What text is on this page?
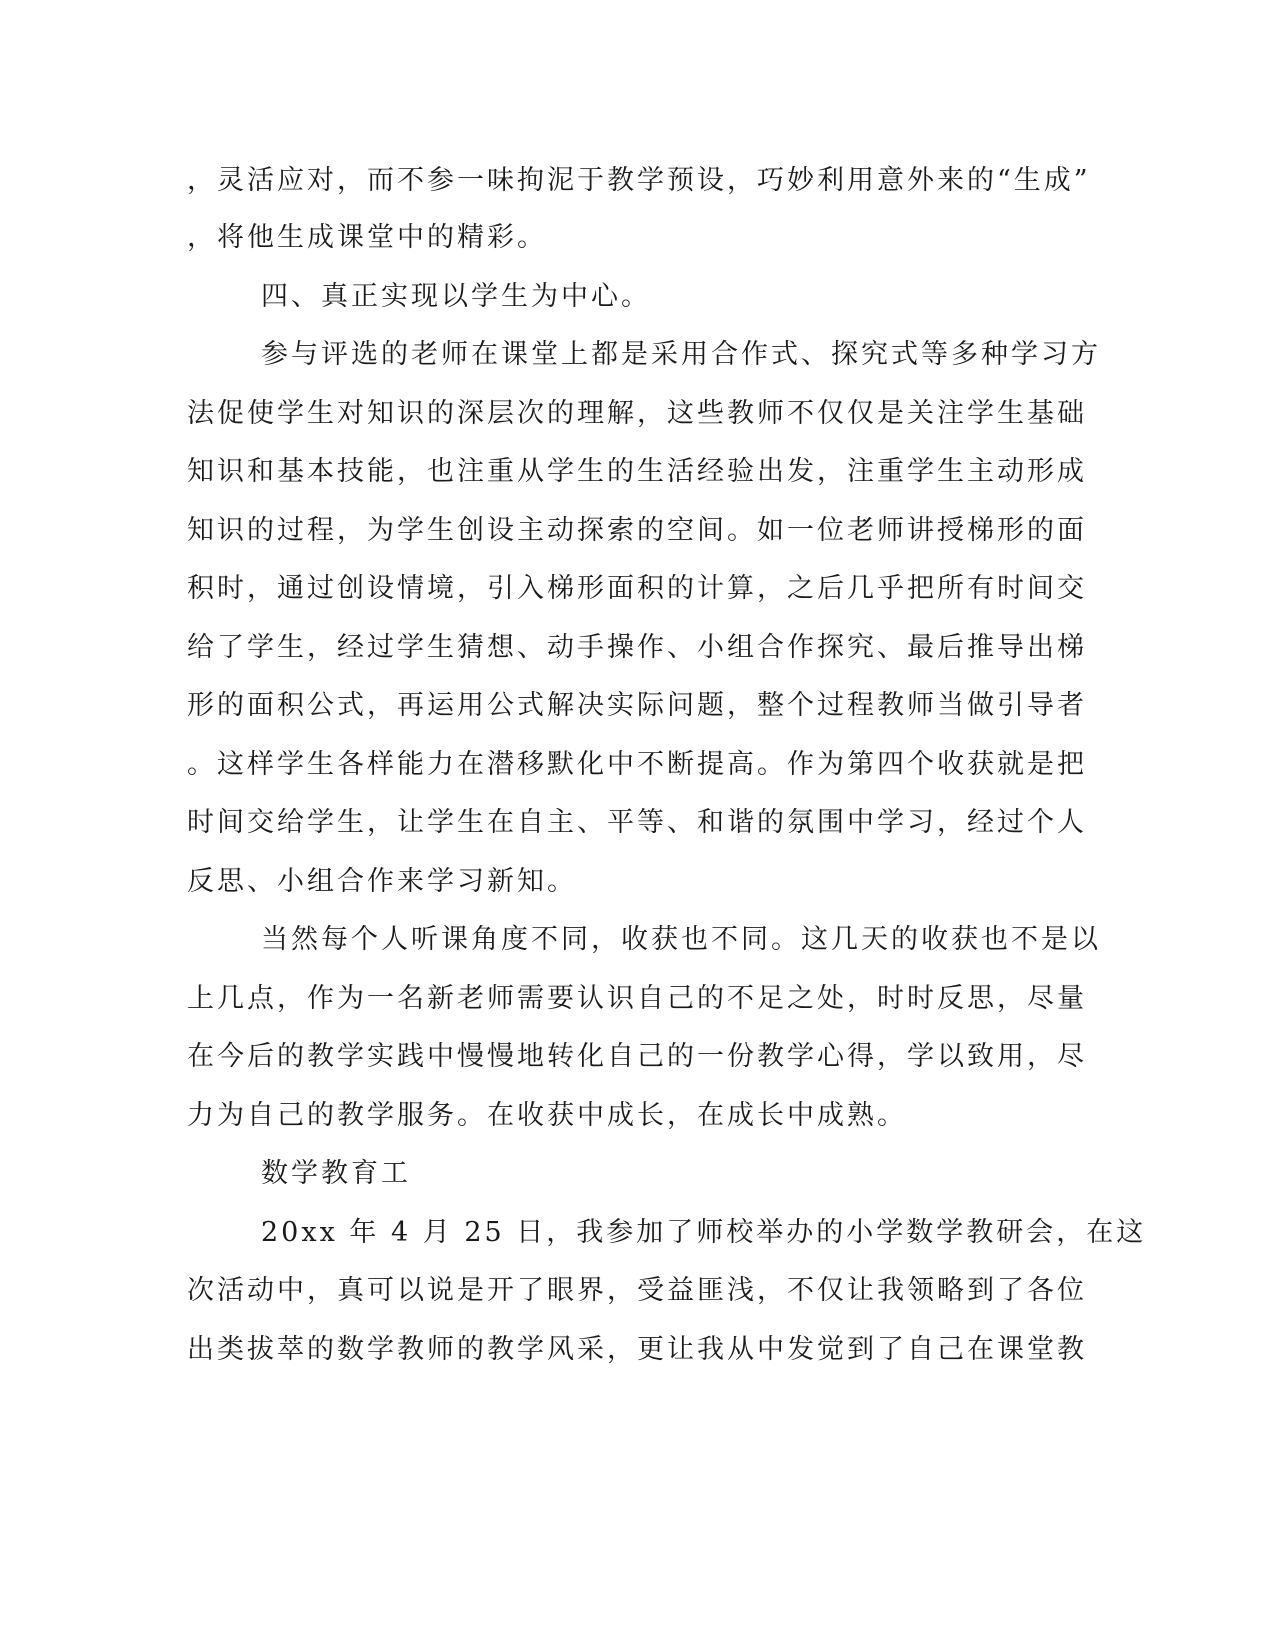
，灵活应对，而不参一味拘泥于教学预设，巧妙利用意外来的“生成”
，将他生成课堂中的精彩。
四、真正实现以学生为中心。
参与评选的老师在课堂上都是采用合作式、探究式等多种学习方
法促使学生对知识的深层次的理解，这些教师不仅仅是关注学生基础
知识和基本技能，也注重从学生的生活经验出发，注重学生主动形成
知识的过程，为学生创设主动探索的空间。如一位老师讲授梯形的面
积时，通过创设情境，引入梯形面积的计算，之后几乎把所有时间交
给了学生，经过学生猜想、动手操作、小组合作探究、最后推导出梯
形的面积公式，再运用公式解决实际问题，整个过程教师当做引导者
。这样学生各样能力在潜移默化中不断提高。作为第四个收获就是把
时间交给学生，让学生在自主、平等、和谐的氛围中学习，经过个人
反思、小组合作来学习新知。
当然每个人听课角度不同，收获也不同。这几天的收获也不是以
上几点，作为一名新老师需要认识自己的不足之处，时时反思，尽量
在今后的教学实践中慢慢地转化自己的一份教学心得，学以致用，尽
力为自己的教学服务。在收获中成长，在成长中成熟。
数学教育工
20xx 年 4 月 25 日，我参加了师校举办的小学数学教研会，在这
次活动中，真可以说是开了眼界，受益匪浅，不仅让我领略到了各位
出类拔萃的数学教师的教学风采，更让我从中发觉到了自己在课堂教
